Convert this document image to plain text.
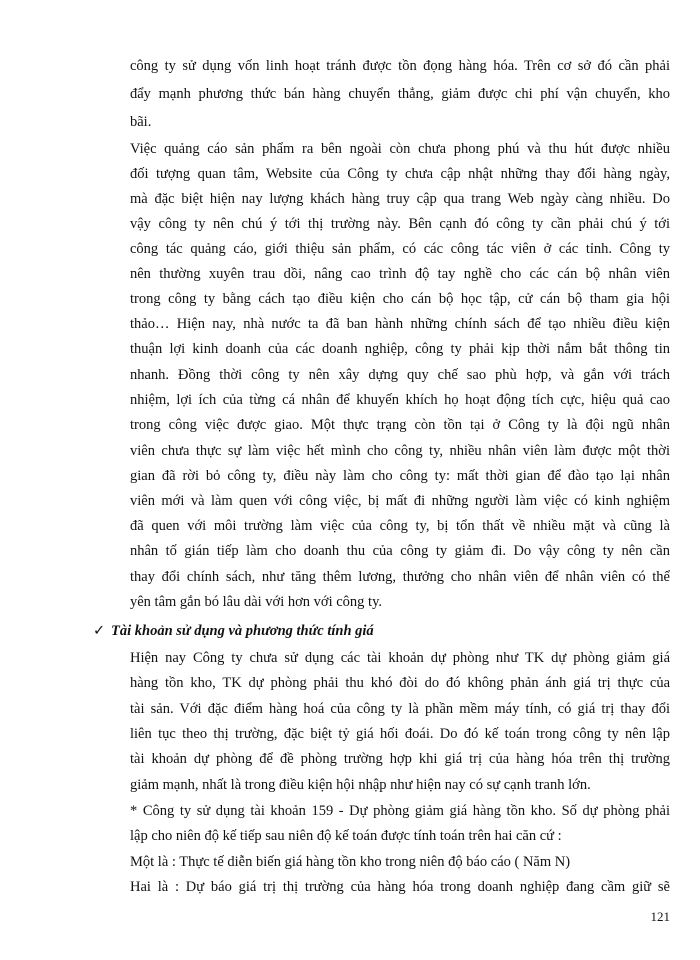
công ty sử dụng vốn linh hoạt tránh được tồn đọng hàng hóa. Trên cơ sở đó cần phải
đẩy mạnh phương thức bán hàng chuyển thẳng, giảm được chi phí vận chuyển, kho
bãi.
Việc quảng cáo sản phẩm ra bên ngoài còn chưa phong phú và thu hút được nhiều
đối tượng quan tâm, Website của Công ty chưa cập nhật những thay đổi hàng ngày,
mà đặc biệt hiện nay lượng khách hàng truy cập qua trang Web ngày càng nhiều. Do
vậy công ty nên chú ý tới thị trường này. Bên cạnh đó công ty cần phải chú ý tới
công tác quảng cáo, giới thiệu sản phẩm, có các công tác viên ở các tỉnh. Công ty
nên thường xuyên trau dồi, nâng cao trình độ tay nghề cho các cán bộ nhân viên
trong công ty bằng cách tạo điều kiện cho cán bộ học tập, cử cán bộ tham gia hội
thảo… Hiện nay, nhà nước ta đã ban hành những chính sách để tạo nhiều điều kiện
thuận lợi kinh doanh của các doanh nghiệp, công ty phải kịp thời nắm bắt thông tin
nhanh. Đồng thời công ty nên xây dựng quy chế sao phù hợp, và gắn với trách
nhiệm, lợi ích của từng cá nhân để khuyến khích họ hoạt động tích cực, hiệu quả cao
trong công việc được giao. Một thực trạng còn tồn tại ở Công ty là đội ngũ nhân
viên chưa thực sự làm việc hết mình cho công ty, nhiều nhân viên làm được một thời
gian đã rời bỏ công ty, điều này làm cho công ty: mất thời gian để đào tạo lại nhân
viên mới và làm quen với công việc, bị mất đi những người làm việc có kinh nghiệm
đã quen với môi trường làm việc của công ty, bị tổn thất về nhiều mặt và cũng là
nhân tố gián tiếp làm cho doanh thu của công ty giảm đi. Do vậy công ty nên cần
thay đổi chính sách, như tăng thêm lương, thưởng cho nhân viên để nhân viên có thể
yên tâm gắn bó lâu dài với hơn với công ty.
✓ Tài khoản sử dụng và phương thức tính giá
Hiện nay Công ty chưa sử dụng các tài khoản dự phòng như TK dự phòng giảm giá
hàng tồn kho, TK dự phòng phải thu khó đòi do đó không phản ánh giá trị thực của
tài sản. Với đặc điểm hàng hoá của công ty là phần mềm máy tính, có giá trị thay đổi
liên tục theo thị trường, đặc biệt tỷ giá hối đoái. Do đó kế toán trong công ty nên lập
tài khoản dự phòng để đề phòng trường hợp khi giá trị của hàng hóa trên thị trường
giảm mạnh, nhất là trong điều kiện hội nhập như hiện nay có sự cạnh tranh lớn.
* Công ty sử dụng tài khoản 159 - Dự phòng giảm giá hàng tồn kho. Số dự phòng phải
lập cho niên độ kế tiếp sau niên độ kế toán được tính toán trên hai căn cứ :
Một là : Thực tế diễn biến giá hàng tồn kho trong niên độ báo cáo ( Năm N)
Hai là : Dự báo giá trị thị trường của hàng hóa trong doanh nghiệp đang cầm giữ sẽ
121
